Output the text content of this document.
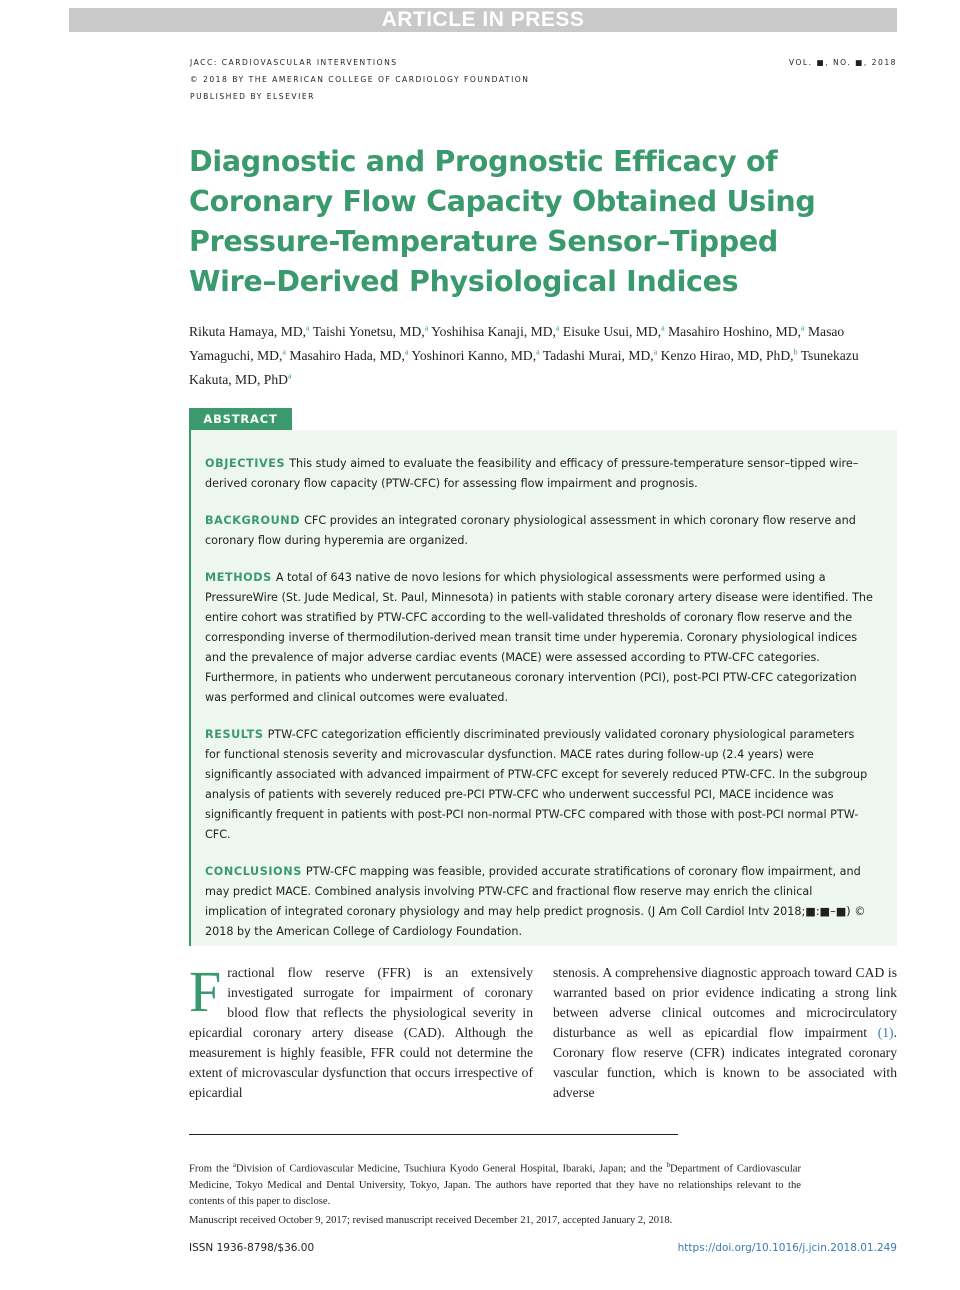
ARTICLE IN PRESS
JACC: CARDIOVASCULAR INTERVENTIONS
© 2018 BY THE AMERICAN COLLEGE OF CARDIOLOGY FOUNDATION
PUBLISHED BY ELSEVIER
VOL. ■, NO. ■, 2018
Diagnostic and Prognostic Efficacy of Coronary Flow Capacity Obtained Using Pressure-Temperature Sensor–Tipped Wire–Derived Physiological Indices
Rikuta Hamaya, MD,$^a$ Taishi Yonetsu, MD,$^a$ Yoshihisa Kanaji, MD,$^a$ Eisuke Usui, MD,$^a$ Masahiro Hoshino, MD,$^a$ Masao Yamaguchi, MD,$^a$ Masahiro Hada, MD,$^a$ Yoshinori Kanno, MD,$^a$ Tadashi Murai, MD,$^a$ Kenzo Hirao, MD, PhD,$^b$ Tsunekazu Kakuta, MD, PhD$^a$
ABSTRACT

OBJECTIVES This study aimed to evaluate the feasibility and efficacy of pressure-temperature sensor–tipped wire–derived coronary flow capacity (PTW-CFC) for assessing flow impairment and prognosis.

BACKGROUND CFC provides an integrated coronary physiological assessment in which coronary flow reserve and coronary flow during hyperemia are organized.

METHODS A total of 643 native de novo lesions for which physiological assessments were performed using a PressureWire (St. Jude Medical, St. Paul, Minnesota) in patients with stable coronary artery disease were identified. The entire cohort was stratified by PTW-CFC according to the well-validated thresholds of coronary flow reserve and the corresponding inverse of thermodilution-derived mean transit time under hyperemia. Coronary physiological indices and the prevalence of major adverse cardiac events (MACE) were assessed according to PTW-CFC categories. Furthermore, in patients who underwent percutaneous coronary intervention (PCI), post-PCI PTW-CFC categorization was performed and clinical outcomes were evaluated.

RESULTS PTW-CFC categorization efficiently discriminated previously validated coronary physiological parameters for functional stenosis severity and microvascular dysfunction. MACE rates during follow-up (2.4 years) were significantly associated with advanced impairment of PTW-CFC except for severely reduced PTW-CFC. In the subgroup analysis of patients with severely reduced pre-PCI PTW-CFC who underwent successful PCI, MACE incidence was significantly frequent in patients with post-PCI non-normal PTW-CFC compared with those with post-PCI normal PTW-CFC.

CONCLUSIONS PTW-CFC mapping was feasible, provided accurate stratifications of coronary flow impairment, and may predict MACE. Combined analysis involving PTW-CFC and fractional flow reserve may enrich the clinical implication of integrated coronary physiology and may help predict prognosis. (J Am Coll Cardiol Intv 2018;■:■–■) © 2018 by the American College of Cardiology Foundation.

Fractional flow reserve (FFR) is an extensively investigated surrogate for impairment of coronary blood flow that reflects the physiological severity in epicardial coronary artery disease (CAD). Although the measurement is highly feasible, FFR could not determine the extent of microvascular dysfunction that occurs irrespective of epicardial

stenosis. A comprehensive diagnostic approach toward CAD is warranted based on prior evidence indicating a strong link between adverse clinical outcomes and microcirculatory disturbance as well as epicardial flow impairment (1). Coronary flow reserve (CFR) indicates integrated coronary vascular function, which is known to be associated with adverse

From the $^a$Division of Cardiovascular Medicine, Tsuchiura Kyodo General Hospital, Ibaraki, Japan; and the $^b$Department of Cardiovascular Medicine, Tokyo Medical and Dental University, Tokyo, Japan. The authors have reported that they have no relationships relevant to the contents of this paper to disclose.

Manuscript received October 9, 2017; revised manuscript received December 21, 2017, accepted January 2, 2018.

ISSN 1936-8798/$36.00	https://doi.org/10.1016/j.jcin.2018.01.249
